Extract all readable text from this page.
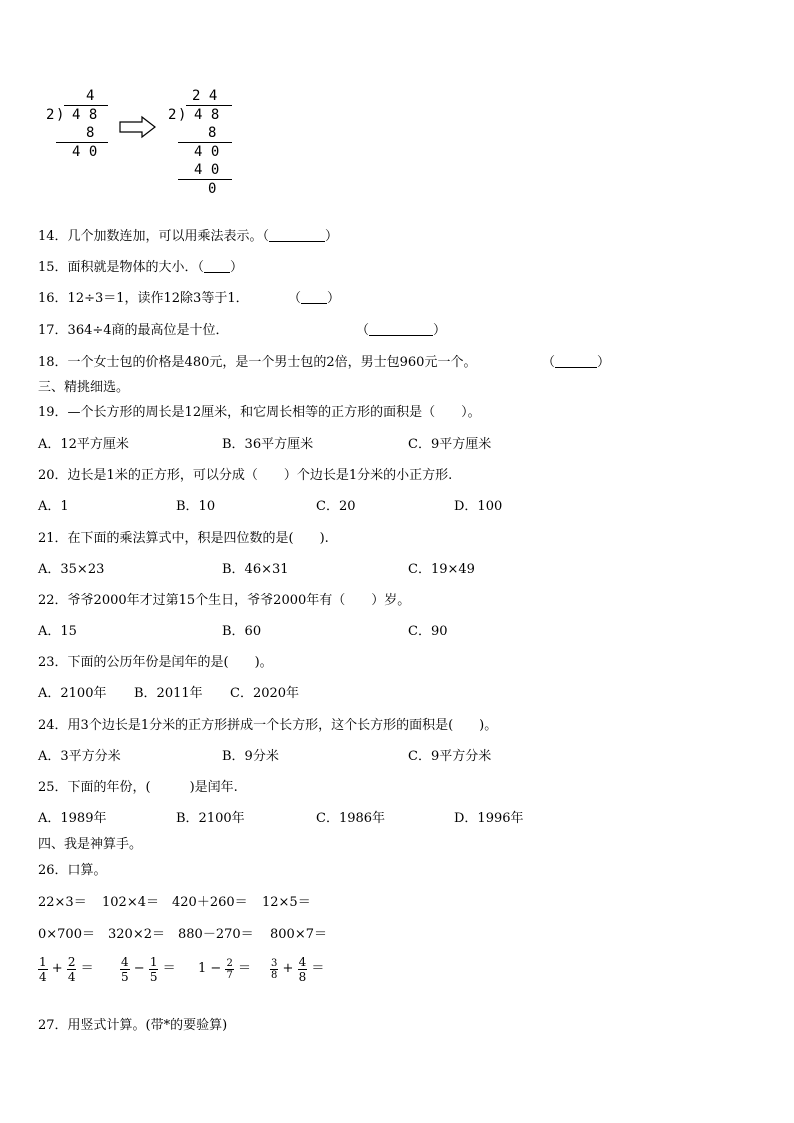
4
2 ) 4 8
8
4 0
2 4
2 ) 4 8
8
4 0
4 0
0
14．几个加数连加，可以用乘法表示。（	）
15．面积就是物体的大小．（ ）
16．12÷3＝1，读作12除3等于1．	（ ）
17．364÷4商的最高位是十位．	（	）
18．一个女士包的价格是480元，是一个男士包的2倍，男士包960元一个。	（	）
三、精挑细选。
19．—个长方形的周长是12厘米，和它周长相等的正方形的面积是（　　）。
A．12平方厘米	B．36平方厘米	C．9平方厘米
20．边长是1米的正方形，可以分成（　　）个边长是1分米的小正方形.
A．1	B．10	C．20	D．100
21．在下面的乘法算式中，积是四位数的是(　　).
A．35×23	B．46×31	C．19×49
22．爷爷2000年才过第15个生日，爷爷2000年有（　　）岁。
A．15	B．60	C．90
23．下面的公历年份是闰年的是(　　)。
A．2100年 B．2011年 C．2020年
24．用3个边长是1分米的正方形拼成一个长方形，这个长方形的面积是(　　)。
A．3平方分米	B．9分米	C．9平方分米
25．下面的年份，(　　　)是闰年.
A．1989年	B．2100年	C．1986年	D．1996年
四、我是神算手。
26．口算。
22×3＝ 102×4＝ 420＋260＝ 12×5＝
0×700＝ 320×2＝ 880－270＝ 800×7＝
$\frac{1}{4} + \frac{2}{4} = \frac{4}{5} - \frac{1}{5} = 1 - \frac{2}{7} = \frac{3}{8} + \frac{4}{8}$ ＝
27．用竖式计算。(带*的要验算)
